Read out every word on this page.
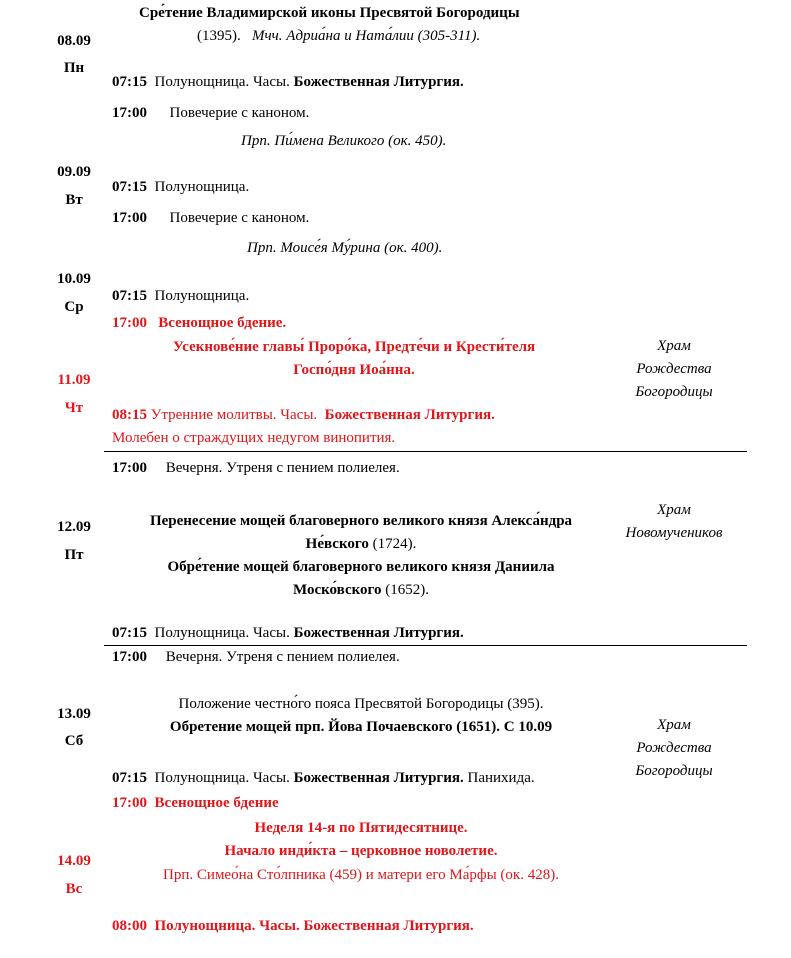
Сре́тение Владимирской иконы Пресвятой Богородицы
(1395). Мчч. Адриа́на и Ната́лии (305-311).
08.09
Пн
07:15 Полунощница. Часы. Божественная Литургия.
17:00 Повечерие с каноном.
Прп. Пи́мена Великого (ок. 450).
09.09
Вт
07:15 Полунощница.
17:00 Повечерие с каноном.
Прп. Моисе́я Му́рина (ок. 400).
10.09
Ср
07:15 Полунощница.
17:00 Всенощное бдение.
Усекнове́ние главы́ Проро́ка, Предте́чи и Крести́теля
Госпо́дня Иоа́нна.
Храм
Рождества
Богородицы
11.09
Чт	08:15 Утренние молитвы. Часы. Божественная Литургия.
Молебен о страждущих недугом винопития.
17:00 Вечерня. Утреня с пением полиелея.
Перенесение мощей благоверного великого князя Алекса́ндра
Не́вского (1724).
Обре́тение мощей благоверного великого князя Даниила
Моско́вского (1652).
Храм
Новомучеников
12.09
Пт
07:15 Полунощница. Часы. Божественная Литургия.
17:00 Вечерня. Утреня с пением полиелея.
Положение честно́го пояса Пресвятой Богородицы (395).
Обретение мощей прп. Йова Почаевского (1651). С 10.09	Храм
Рождества
Богородицы
13.09
Сб
07:15 Полунощница. Часы. Божественная Литургия. Панихида.
17:00 Всенощное бдение
Неделя 14-я по Пятидесятнице.
Начало инди́кта – церковное новолетие.
Прп. Симео́на Сто́лпника (459) и матери его Ма́рфы (ок. 428).
14.09
Вс
08:00 Полунощница. Часы. Божественная Литургия.
